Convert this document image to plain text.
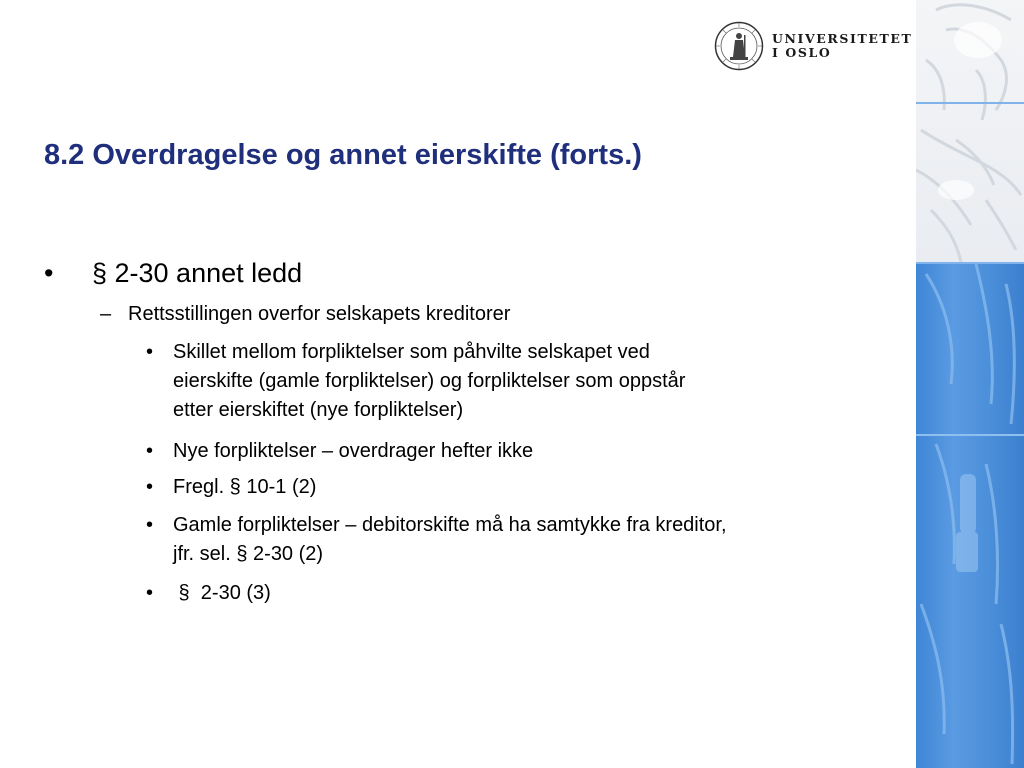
UNIVERSITETET
I OSLO
8.2 Overdragelse og annet eierskifte (forts.)
• § 2-30 annet ledd
– Rettsstillingen overfor selskapets kreditorer
• Skillet mellom forpliktelser som påhvilte selskapet ved
eierskifte (gamle forpliktelser) og forpliktelser som oppstår
etter eierskiftet (nye forpliktelser)
• Nye forpliktelser – overdrager hefter ikke
• Fregl. § 10-1 (2)
• Gamle forpliktelser – debitorskifte må ha samtykke fra kreditor,
jfr. sel. § 2-30 (2)
• §  2-30 (3)
